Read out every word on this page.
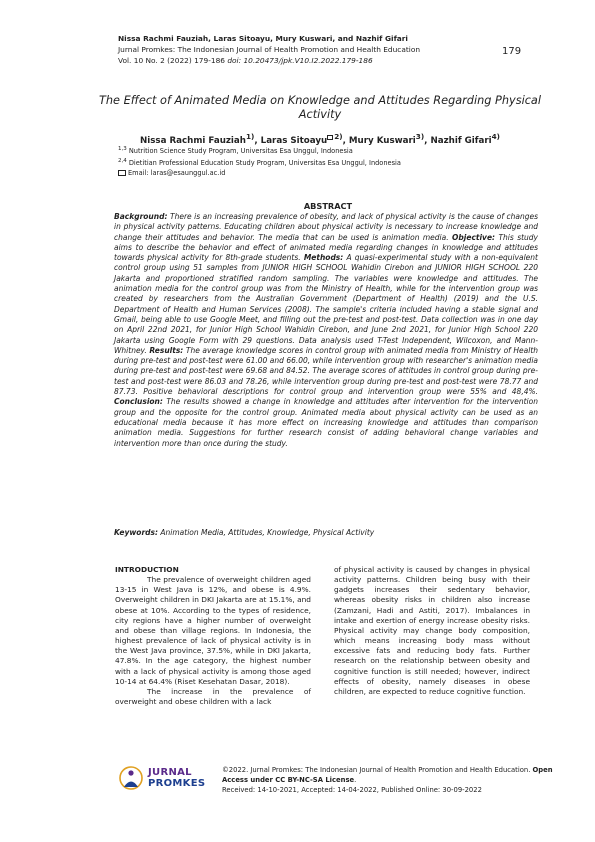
Nissa Rachmi Fauziah, Laras Sitoayu, Mury Kuswari, and Nazhif Gifari
Jurnal Promkes: The Indonesian Journal of Health Promotion and Health Education
Vol. 10 No. 2 (2022) 179-186 doi: 10.20473/jpk.V10.I2.2022.179-186
179
The Effect of Animated Media on Knowledge and Attitudes Regarding Physical Activity
Nissa Rachmi Fauziah$^{1)}$, Laras Sitoayu $^{2)}$, Mury Kuswari$^{3)}$, Nazhif Gifari$^{4)}$
$^{1,3}$ Nutrition Science Study Program, Universitas Esa Unggul, Indonesia
$^{2,4}$ Dietitian Professional Education Study Program, Universitas Esa Unggul, Indonesia
Email: laras@esaunggul.ac.id
ABSTRACT
Background: There is an increasing prevalence of obesity, and lack of physical activity is the cause of changes in physical activity patterns. Educating children about physical activity is necessary to increase knowledge and change their attitudes and behavior. The media that can be used is animation media. Objective: This study aims to describe the behavior and effect of animated media regarding changes in knowledge and attitudes towards physical activity for 8th-grade students. Methods: A quasi-experimental study with a non-equivalent control group using 51 samples from JUNIOR HIGH SCHOOL Wahidin Cirebon and JUNIOR HIGH SCHOOL 220 Jakarta and proportioned stratified random sampling. The variables were knowledge and attitudes. The animation media for the control group was from the Ministry of Health, while for the intervention group was created by researchers from the Australian Government (Department of Health) (2019) and the U.S. Department of Health and Human Services (2008). The sample's criteria included having a stable signal and Gmail, being able to use Google Meet, and filling out the pre-test and post-test. Data collection was in one day on April 22nd 2021, for Junior High School Wahidin Cirebon, and June 2nd 2021, for Junior High School 220 Jakarta using Google Form with 29 questions. Data analysis used T-Test Independent, Wilcoxon, and Mann-Whitney. Results: The average knowledge scores in control group with animated media from Ministry of Health during pre-test and post-test were 61.00 and 66.00, while intervention group with researcher's animation media during pre-test and post-test were 69.68 and 84.52. The average scores of attitudes in control group during pre-test and post-test were 86.03 and 78.26, while intervention group during pre-test and post-test were 78.77 and 87.73. Positive behavioral descriptions for control group and intervention group were 55% and 48,4%. Conclusion: The results showed a change in knowledge and attitudes after intervention for the intervention group and the opposite for the control group. Animated media about physical activity can be used as an educational media because it has more effect on increasing knowledge and attitudes than comparison animation media. Suggestions for further research consist of adding behavioral change variables and intervention more than once during the study.
Keywords: Animation Media, Attitudes, Knowledge, Physical Activity
INTRODUCTION

The prevalence of overweight children aged 13-15 in West Java is 12%, and obese is 4.9%. Overweight children in DKI Jakarta are at 15.1%, and obese at 10%. According to the types of residence, city regions have a higher number of overweight and obese than village regions. In Indonesia, the highest prevalence of lack of physical activity is in the West Java province, 37.5%, while in DKI Jakarta, 47.8%. In the age category, the highest number with a lack of physical activity is among those aged 10-14 at 64.4% (Riset Kesehatan Dasar, 2018).

The increase in the prevalence of overweight and obese children with a lack

of physical activity is caused by changes in physical activity patterns. Children being busy with their gadgets increases their sedentary behavior, whereas obesity risks in children also increase (Zamzani, Hadi and Astiti, 2017). Imbalances in intake and exertion of energy increase obesity risks. Physical activity may change body composition, which means increasing body mass without excessive fats and reducing body fats. Further research on the relationship between obesity and cognitive function is still needed; however, indirect effects of obesity, namely diseases in obese children, are expected to reduce cognitive function.

JURNAL
PROMKES
©2022. Jurnal Promkes: The Indonesian Journal of Health Promotion and Health Education. Open Access under CC BY-NC-SA License.
Received: 14-10-2021, Accepted: 14-04-2022, Published Online: 30-09-2022
